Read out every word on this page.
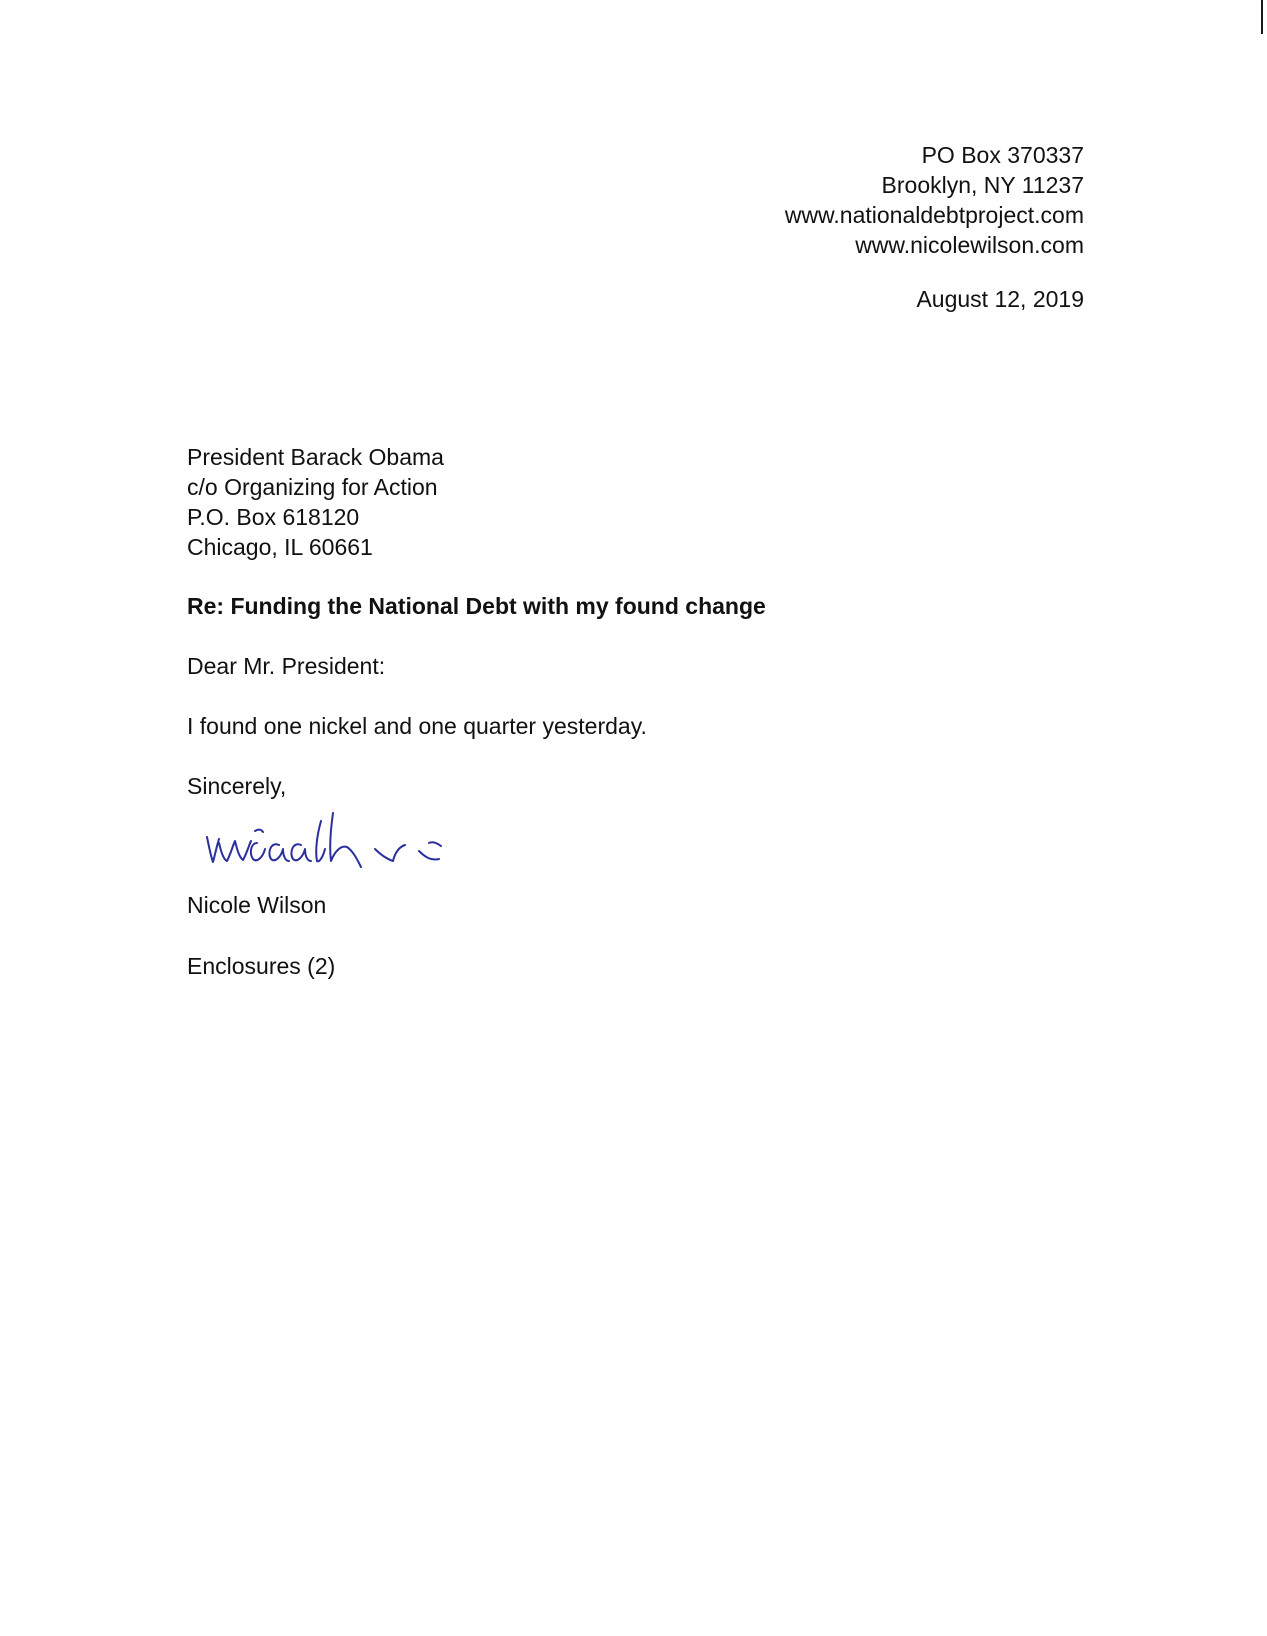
PO Box 370337
Brooklyn, NY 11237
www.nationaldebtproject.com
www.nicolewilson.com
August 12, 2019
President Barack Obama
c/o Organizing for Action
P.O. Box 618120
Chicago, IL 60661
Re: Funding the National Debt with my found change
Dear Mr. President:
I found one nickel and one quarter yesterday.
Sincerely,
Nicole Wilson
Enclosures (2)
